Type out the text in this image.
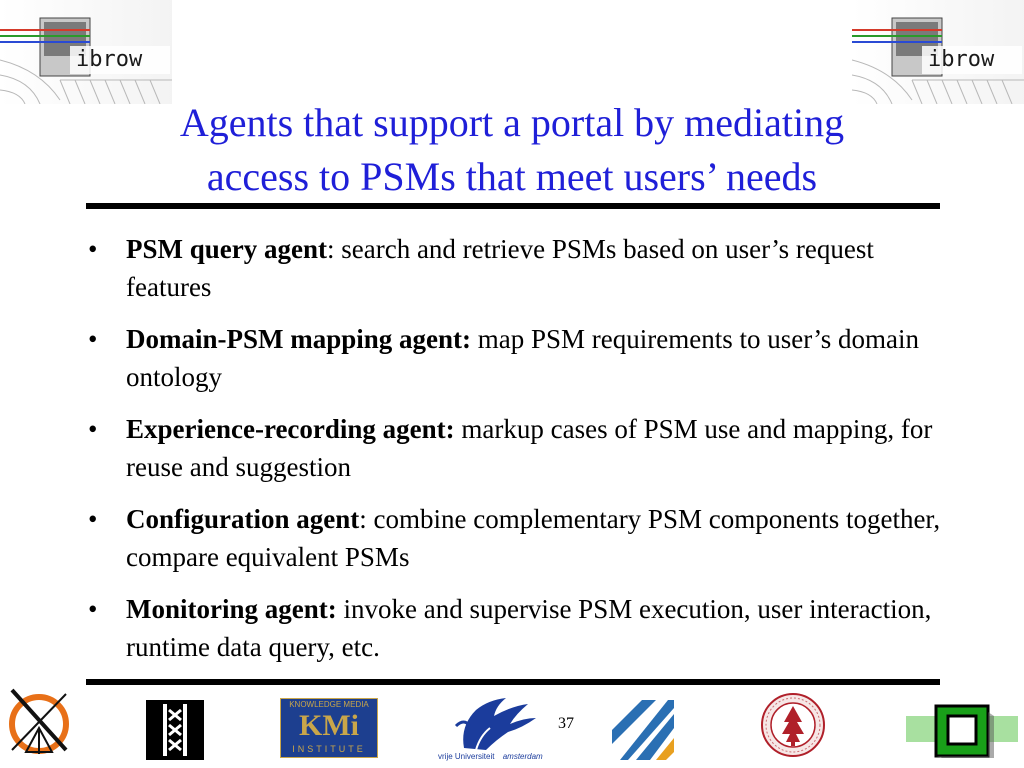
ibrow	ibrow
Agents that support a portal by mediating
access to PSMs that meet users’ needs
• PSM query agent: search and retrieve PSMs based on user’s request features
• Domain-PSM mapping agent: map PSM requirements to user’s domain ontology
• Experience-recording agent: markup cases of PSM use and mapping, for reuse and suggestion
• Configuration agent: combine complementary PSM components together, compare equivalent PSMs
• Monitoring agent: invoke and supervise PSM execution, user interaction, runtime data query, etc.
KNOWLEDGE MEDIA
KMi
INSTITUTE
vrije Universiteit amsterdam
37
